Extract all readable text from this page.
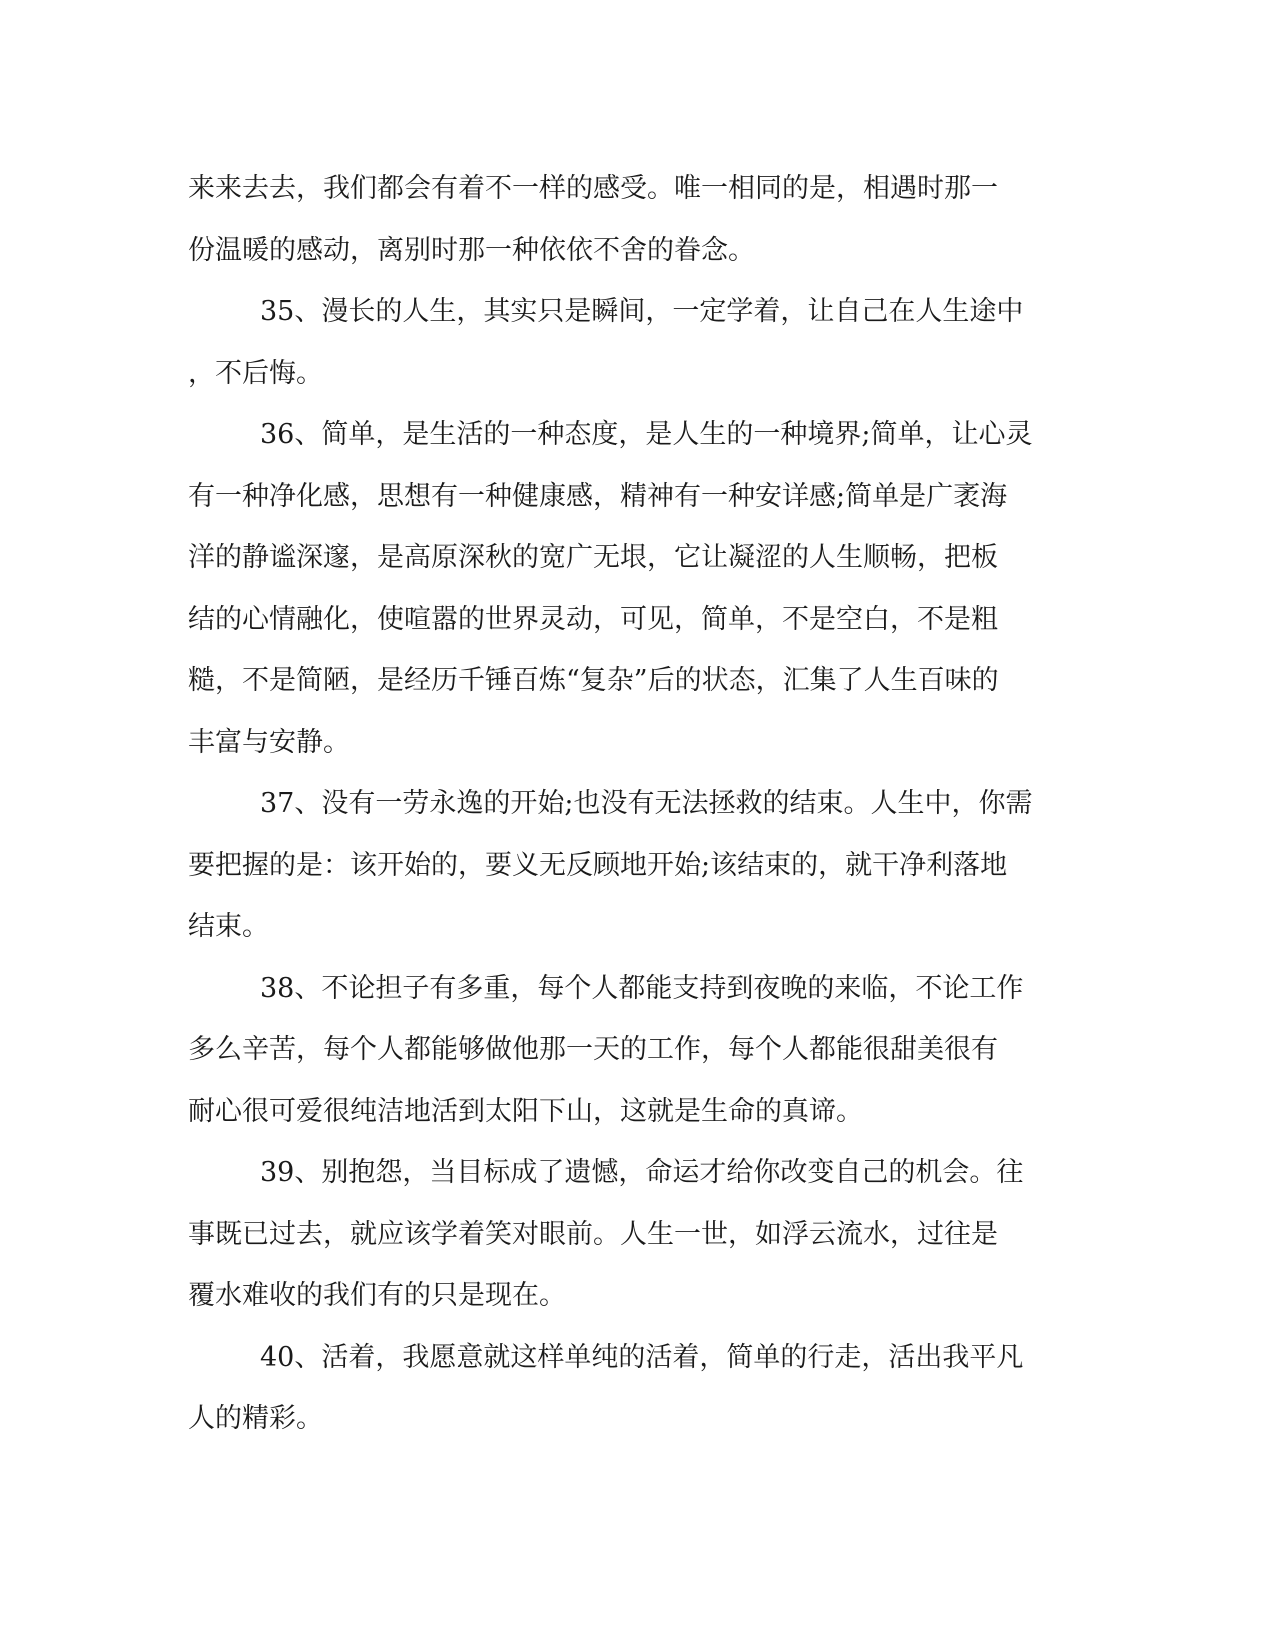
来来去去，我们都会有着不一样的感受。唯一相同的是，相遇时那一
份温暖的感动，离别时那一种依依不舍的眷念。
35、漫长的人生，其实只是瞬间，一定学着，让自己在人生途中
，不后悔。
36、简单，是生活的一种态度，是人生的一种境界;简单，让心灵
有一种净化感，思想有一种健康感，精神有一种安详感;简单是广袤海
洋的静谧深邃，是高原深秋的宽广无垠，它让凝涩的人生顺畅，把板
结的心情融化，使喧嚣的世界灵动，可见，简单，不是空白，不是粗
糙，不是简陋，是经历千锤百炼“复杂”后的状态，汇集了人生百味的
丰富与安静。
37、没有一劳永逸的开始;也没有无法拯救的结束。人生中，你需
要把握的是：该开始的，要义无反顾地开始;该结束的，就干净利落地
结束。
38、不论担子有多重，每个人都能支持到夜晚的来临，不论工作
多么辛苦，每个人都能够做他那一天的工作，每个人都能很甜美很有
耐心很可爱很纯洁地活到太阳下山，这就是生命的真谛。
39、别抱怨，当目标成了遗憾，命运才给你改变自己的机会。往
事既已过去，就应该学着笑对眼前。人生一世，如浮云流水，过往是
覆水难收的我们有的只是现在。
40、活着，我愿意就这样单纯的活着，简单的行走，活出我平凡
人的精彩。
